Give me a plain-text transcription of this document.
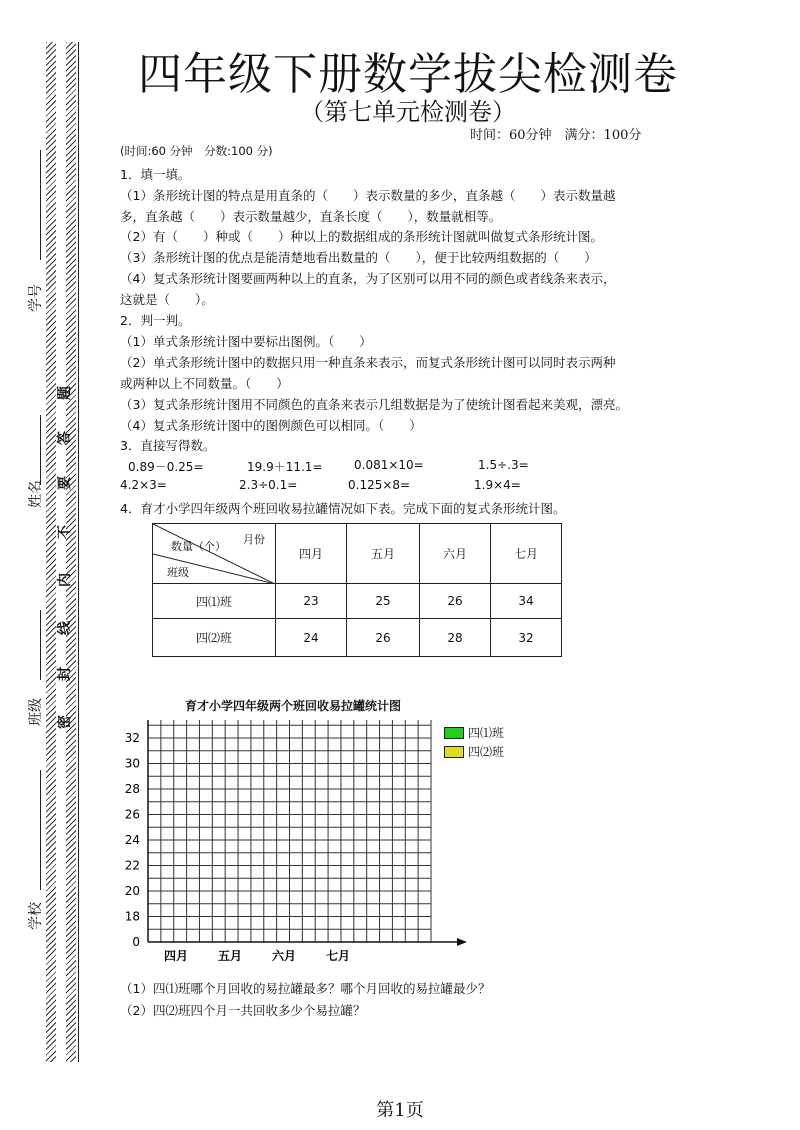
学号
姓名
班级
学校
题
答
要
不
内
线
封
密
四年级下册数学拔尖检测卷
（第七单元检测卷）
时间：60分钟　满分：100分
(时间:60 分钟　分数:100 分)
1．填一填。
（1）条形统计图的特点是用直条的（　　）表示数量的多少，直条越（　　）表示数量越
多，直条越（　　）表示数量越少，直条长度（　　），数量就相等。
（2）有（　　）种或（　　）种以上的数据组成的条形统计图就叫做复式条形统计图。
（3）条形统计图的优点是能清楚地看出数量的（　　），便于比较两组数据的（　　）
（4）复式条形统计图要画两种以上的直条，为了区别可以用不同的颜色或者线条来表示，
这就是（　　）。
2．判一判。
（1）单式条形统计图中要标出图例。（　　）
（2）单式条形统计图中的数据只用一种直条来表示，而复式条形统计图可以同时表示两种
或两种以上不同数量。（　　）
（3）复式条形统计图用不同颜色的直条来表示几组数据是为了使统计图看起来美观，漂亮。
（4）复式条形统计图中的图例颜色可以相同。（　　）
3．直接写得数。
0.89－0.25=	19.9＋11.1=	0.081×10=	1.5÷.3=
4.2×3=	2.3÷0.1=	0.125×8=	1.9×4=
4．育才小学四年级两个班回收易拉罐情况如下表。完成下面的复式条形统计图。
数量（个）
月份
班级	四月	五月	六月	七月
四⑴班	23	25	26	34
四⑵班	24	26	28	32
育才小学四年级两个班回收易拉罐统计图
四⑴班
四⑵班
0
18
20
22
24
26
28
30
32
四月 五月 六月 七月
（1）四⑴班哪个月回收的易拉罐最多？哪个月回收的易拉罐最少？
（2）四⑵班四个月一共回收多少个易拉罐？
第1页
